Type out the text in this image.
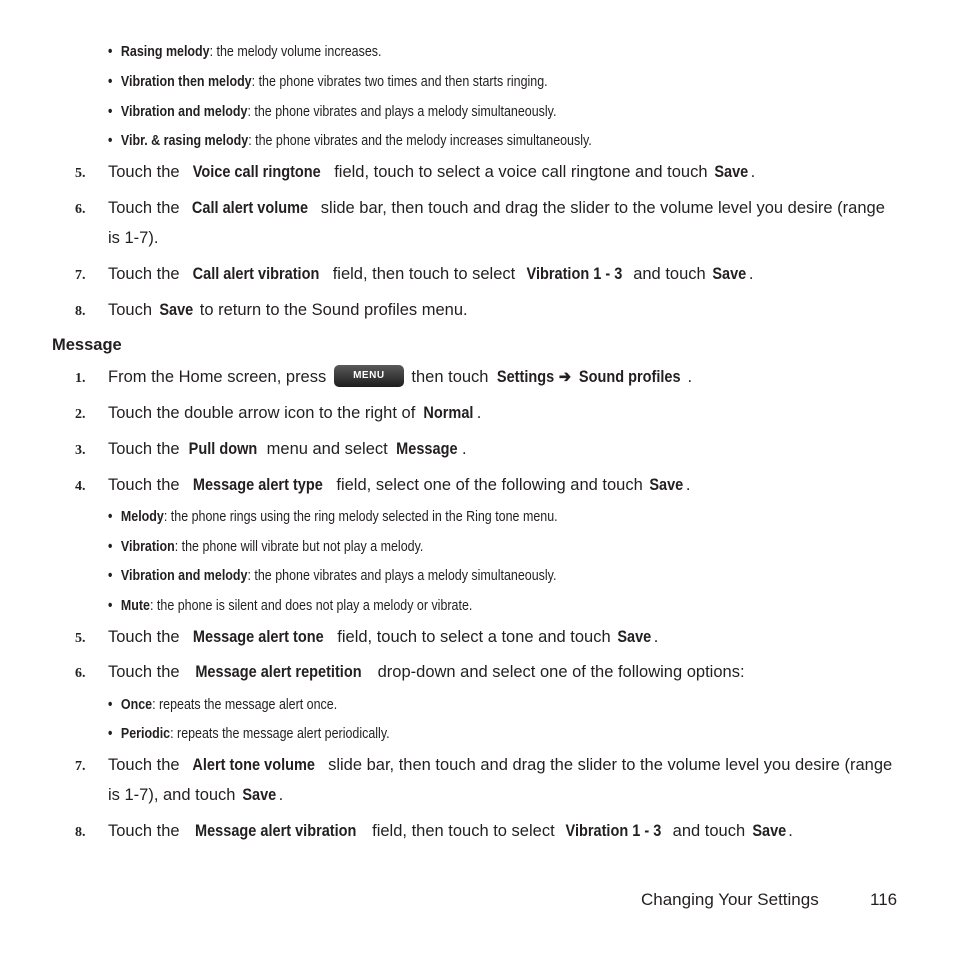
• Rasing melody: the melody volume increases.
• Vibration then melody: the phone vibrates two times and then starts ringing.
• Vibration and melody: the phone vibrates and plays a melody simultaneously.
• Vibr. & rasing melody: the phone vibrates and the melody increases simultaneously.
5.	Touch the Voice call ringtone field, touch to select a voice call ringtone and touch Save .
6.	Touch the Call alert volume slide bar, then touch and drag the slider to the volume level you desire (range
is 1-7).
7.	Touch the Call alert vibration field, then touch to select Vibration 1 - 3 and touch Save .
8.	Touch Save to return to the Sound profiles menu.
Message
1.	From the Home screen, press MENU then touch Settings➔Sound profiles .
2.	Touch the double arrow icon to the right of Normal .
3.	Touch the Pull down menu and select Message .
4.	Touch the Message alert type field, select one of the following and touch Save .
• Melody: the phone rings using the ring melody selected in the Ring tone menu.
• Vibration: the phone will vibrate but not play a melody.
• Vibration and melody: the phone vibrates and plays a melody simultaneously.
• Mute: the phone is silent and does not play a melody or vibrate.
5.	Touch the Message alert tone field, touch to select a tone and touch Save .
6.	Touch the Message alert repetition drop-down and select one of the following options:
• Once: repeats the message alert once.
• Periodic: repeats the message alert periodically.
7.	Touch the Alert tone volume slide bar, then touch and drag the slider to the volume level you desire (range
is 1-7), and touch Save .
8.	Touch the Message alert vibration field, then touch to select Vibration 1 - 3 and touch Save .
Changing Your Settings	116
